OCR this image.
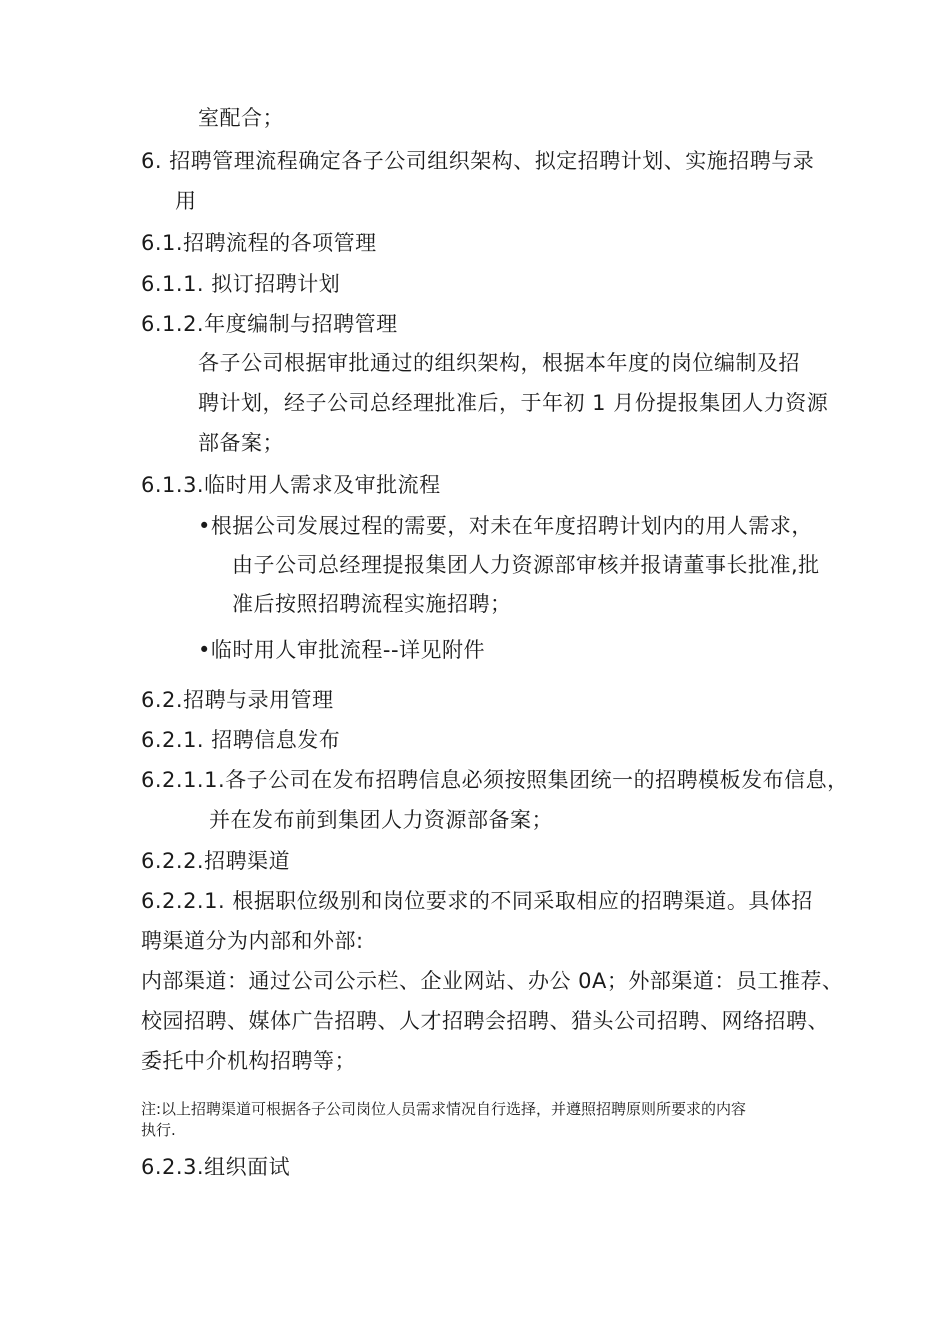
室配合；
6. 招聘管理流程确定各子公司组织架构、拟定招聘计划、实施招聘与录
用
6.1.招聘流程的各项管理
6.1.1. 拟订招聘计划
6.1.2.年度编制与招聘管理
各子公司根据审批通过的组织架构，根据本年度的岗位编制及招
聘计划，经子公司总经理批准后，于年初 1 月份提报集团人力资源
部备案；
6.1.3.临时用人需求及审批流程
•根据公司发展过程的需要，对未在年度招聘计划内的用人需求，
由子公司总经理提报集团人力资源部审核并报请董事长批准,批
准后按照招聘流程实施招聘；
•临时用人审批流程--详见附件
6.2.招聘与录用管理
6.2.1. 招聘信息发布
6.2.1.1.各子公司在发布招聘信息必须按照集团统一的招聘模板发布信息，
并在发布前到集团人力资源部备案；
6.2.2.招聘渠道
6.2.2.1. 根据职位级别和岗位要求的不同采取相应的招聘渠道。具体招
聘渠道分为内部和外部:
内部渠道：通过公司公示栏、企业网站、办公 0A；外部渠道：员工推荐、
校园招聘、媒体广告招聘、人才招聘会招聘、猎头公司招聘、网络招聘、
委托中介机构招聘等；
注:以上招聘渠道可根据各子公司岗位人员需求情况自行选择，并遵照招聘原则所要求的内容
执行.
6.2.3.组织面试
